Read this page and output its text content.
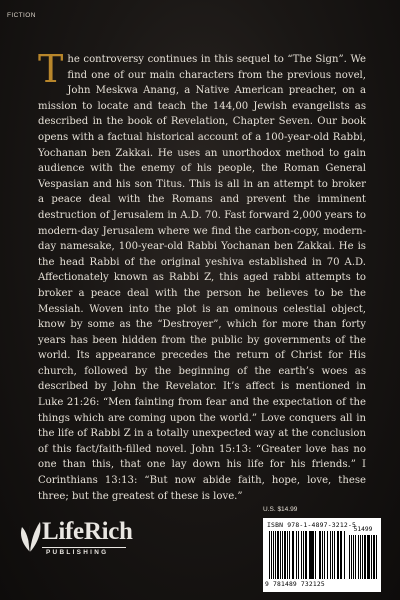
FICTION
The controversy continues in this sequel to “The Sign”. We find one of our main characters from the previous novel, John Meskwa Anang, a Native American preacher, on a mission to locate and teach the 144,00 Jewish evangelists as described in the book of Revelation, Chapter Seven. Our book opens with a factual historical account of a 100-year-old Rabbi, Yochanan ben Zakkai. He uses an unorthodox method to gain audience with the enemy of his people, the Roman General Vespasian and his son Titus. This is all in an attempt to broker a peace deal with the Romans and prevent the imminent destruction of Jerusalem in A.D. 70. Fast forward 2,000 years to modern-day Jerusalem where we find the carbon-copy, modern-day namesake, 100-year-old Rabbi Yochanan ben Zakkai. He is the head Rabbi of the original yeshiva established in 70 A.D. Affectionately known as Rabbi Z, this aged rabbi attempts to broker a peace deal with the person he believes to be the Messiah. Woven into the plot is an ominous celestial object, know by some as the “Destroyer”, which for more than forty years has been hidden from the public by governments of the world. Its appearance precedes the return of Christ for His church, followed by the beginning of the earth’s woes as described by John the Revelator. It’s affect is mentioned in Luke 21:26: “Men fainting from fear and the expectation of the things which are coming upon the world.” Love conquers all in the life of Rabbi Z in a totally unexpected way at the conclusion of this fact/faith-filled novel. John 15:13: “Greater love has no one than this, that one lay down his life for his friends.” I Corinthians 13:13: “But now abide faith, hope, love, these three; but the greatest of these is love.”
LifeRich
PUBLISHING
U.S. $14.99
ISBN 978-1-4897-3212-5
51499
9 781489 732125
